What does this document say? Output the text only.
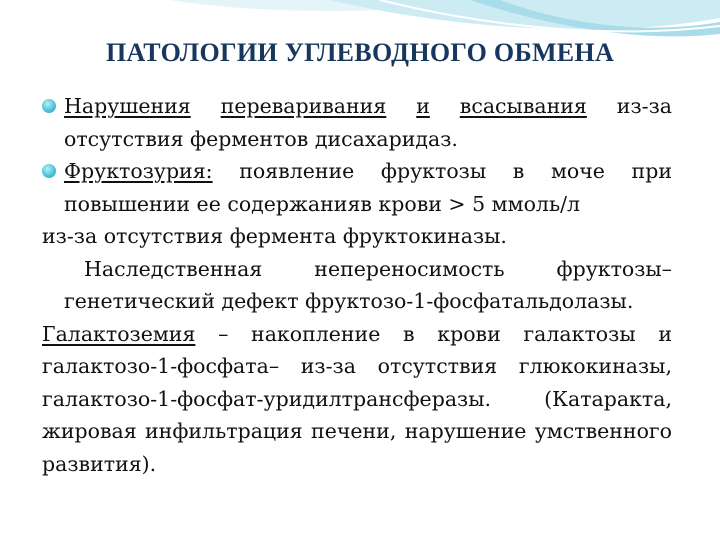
ПАТОЛОГИИ УГЛЕВОДНОГО ОБМЕНА

Нарушения переваривания и всасывания из-за отсутствия ферментов дисахаридаз.

Фруктозурия: появление фруктозы в моче при повышении ее содержанияв крови > 5 ммоль/л

из-за отсутствия фермента фруктокиназы.

Наследственная непереносимость фруктозы– генетический дефект фруктозо-1-фосфатальдолазы.

Галактоземия – накопление в крови галактозы и галактозо-1-фосфата– из-за отсутствия глюкокиназы, галактозо-1-фосфат-уридилтрансферазы. (Катаракта, жировая инфильтрация печени, нарушение умственного развития).
